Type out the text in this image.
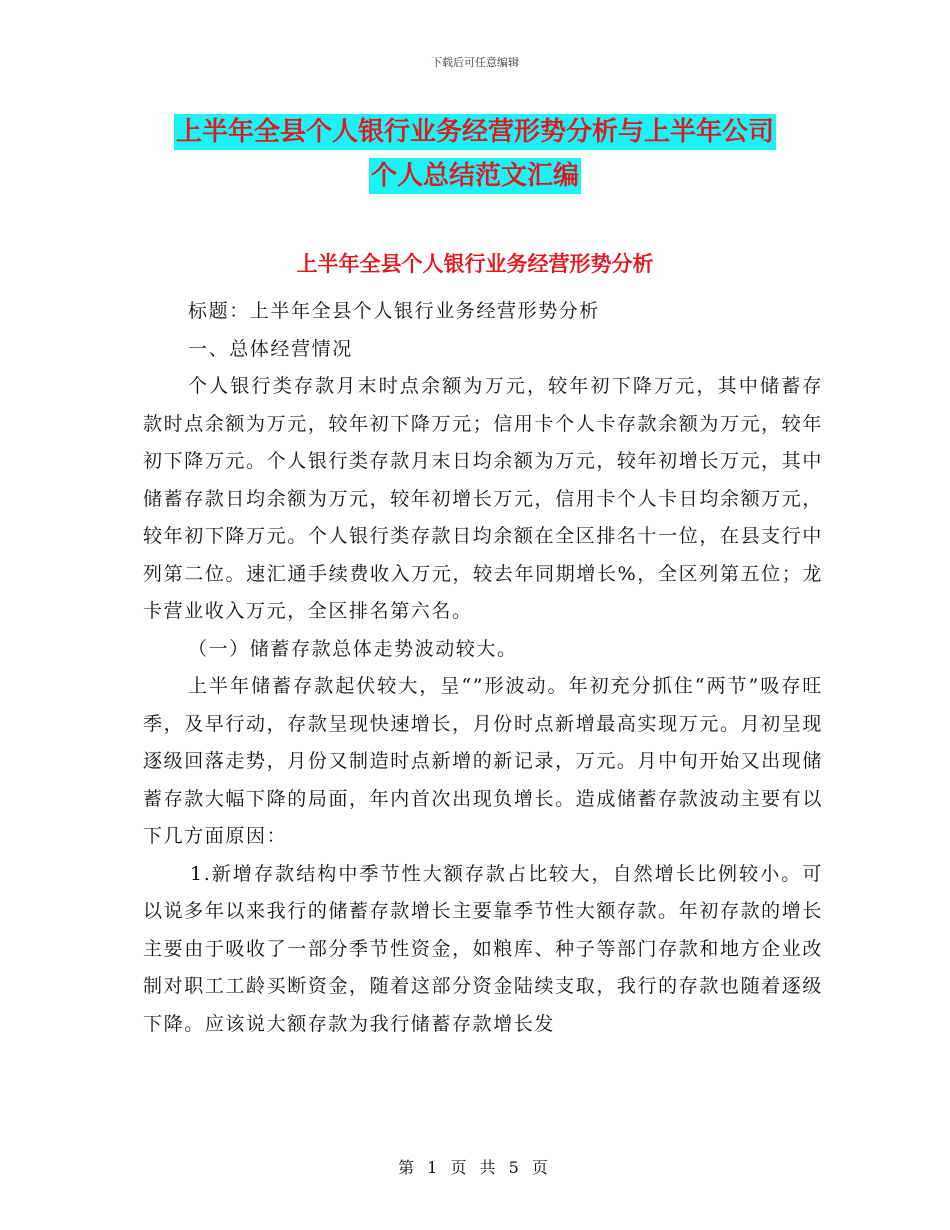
下载后可任意编辑
上半年全县个人银行业务经营形势分析与上半年公司
个人总结范文汇编
上半年全县个人银行业务经营形势分析

标题：上半年全县个人银行业务经营形势分析

一、总体经营情况

个人银行类存款月末时点余额为万元，较年初下降万元，其中储蓄存款时点余额为万元，较年初下降万元；信用卡个人卡存款余额为万元，较年初下降万元。个人银行类存款月末日均余额为万元，较年初增长万元，其中储蓄存款日均余额为万元，较年初增长万元，信用卡个人卡日均余额万元，较年初下降万元。个人银行类存款日均余额在全区排名十一位，在县支行中列第二位。速汇通手续费收入万元，较去年同期增长%，全区列第五位；龙卡营业收入万元，全区排名第六名。

（一）储蓄存款总体走势波动较大。

上半年储蓄存款起伏较大，呈“”形波动。年初充分抓住“两节”吸存旺季，及早行动，存款呈现快速增长，月份时点新增最高实现万元。月初呈现逐级回落走势，月份又制造时点新增的新记录，万元。月中旬开始又出现储蓄存款大幅下降的局面，年内首次出现负增长。造成储蓄存款波动主要有以下几方面原因：

1.新增存款结构中季节性大额存款占比较大，自然增长比例较小。可以说多年以来我行的储蓄存款增长主要靠季节性大额存款。年初存款的增长主要由于吸收了一部分季节性资金，如粮库、种子等部门存款和地方企业改制对职工工龄买断资金，随着这部分资金陆续支取，我行的存款也随着逐级下降。应该说大额存款为我行储蓄存款增长发

第 1 页 共 5 页
